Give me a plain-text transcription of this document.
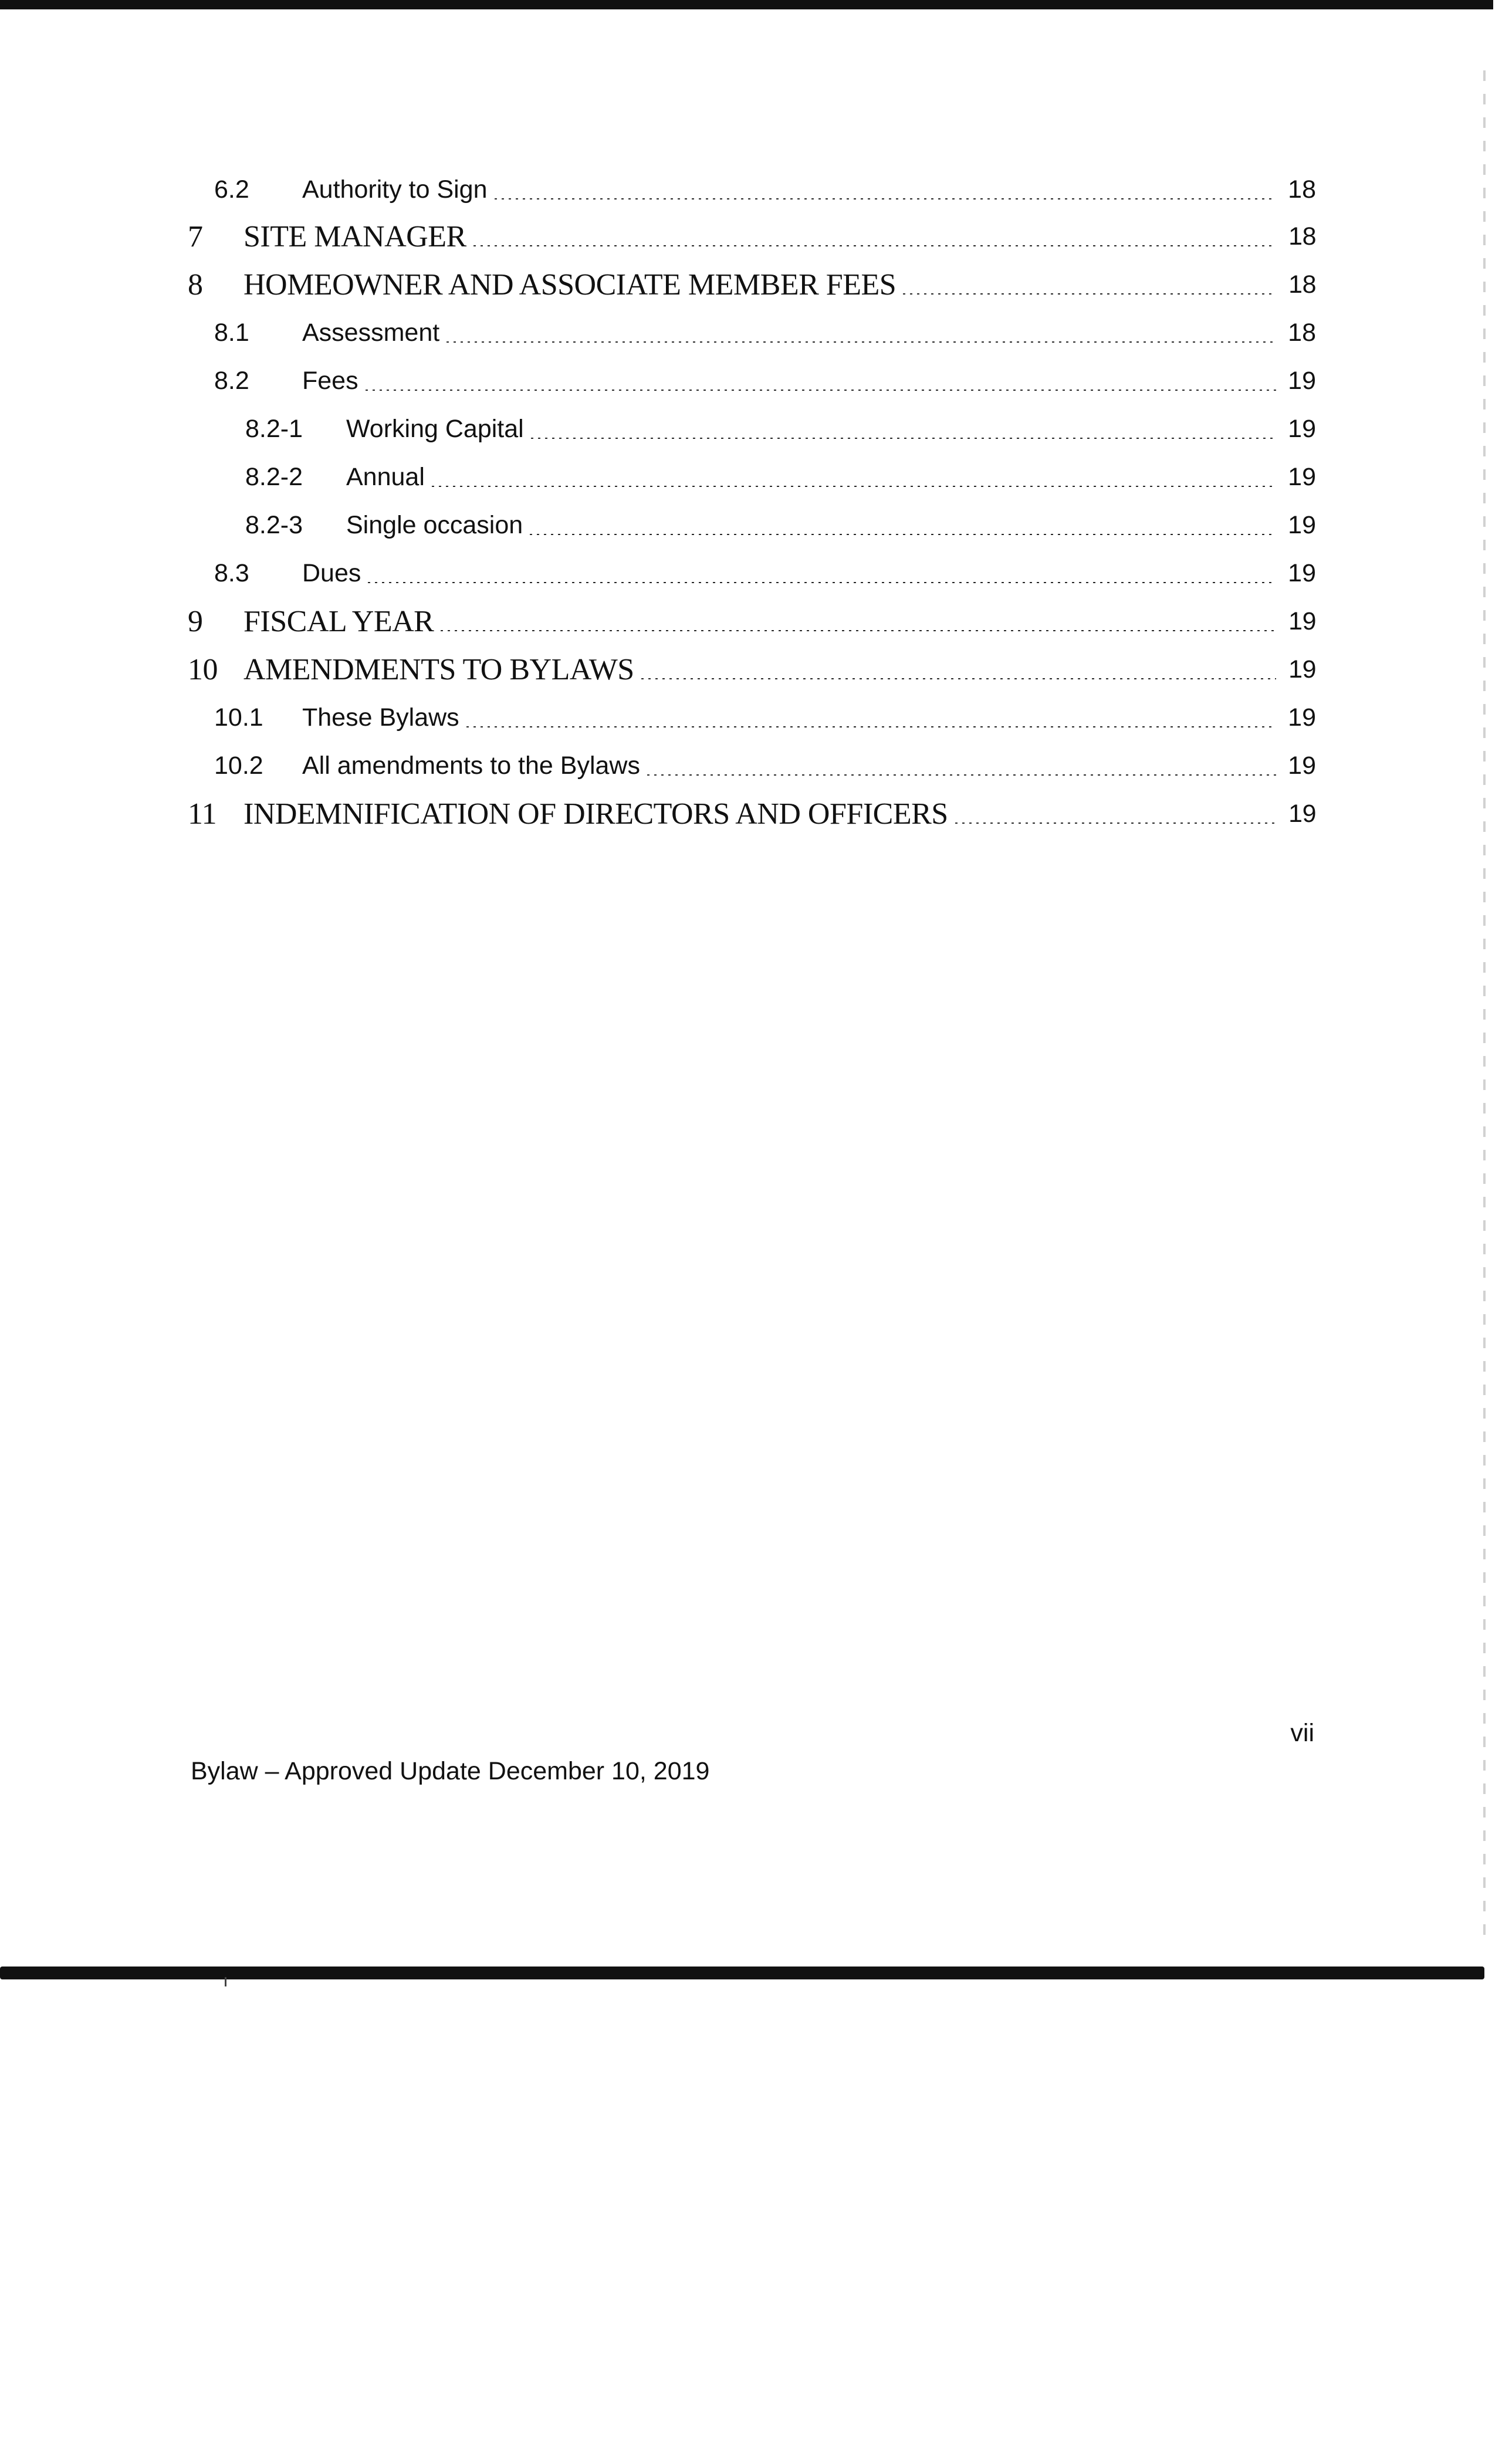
6.2	Authority to Sign	18
7	SITE MANAGER	18
8	HOMEOWNER AND ASSOCIATE MEMBER FEES	18
8.1	Assessment	18
8.2	Fees	19
8.2-1	Working Capital	19
8.2-2	Annual	19
8.2-3	Single occasion	19
8.3	Dues	19
9	FISCAL YEAR	19
10 AMENDMENTS TO BYLAWS	19
10.1	These Bylaws	19
10.2	All amendments to the Bylaws	19
11 INDEMNIFICATION OF DIRECTORS AND OFFICERS	19
vii
Bylaw – Approved Update December 10, 2019
